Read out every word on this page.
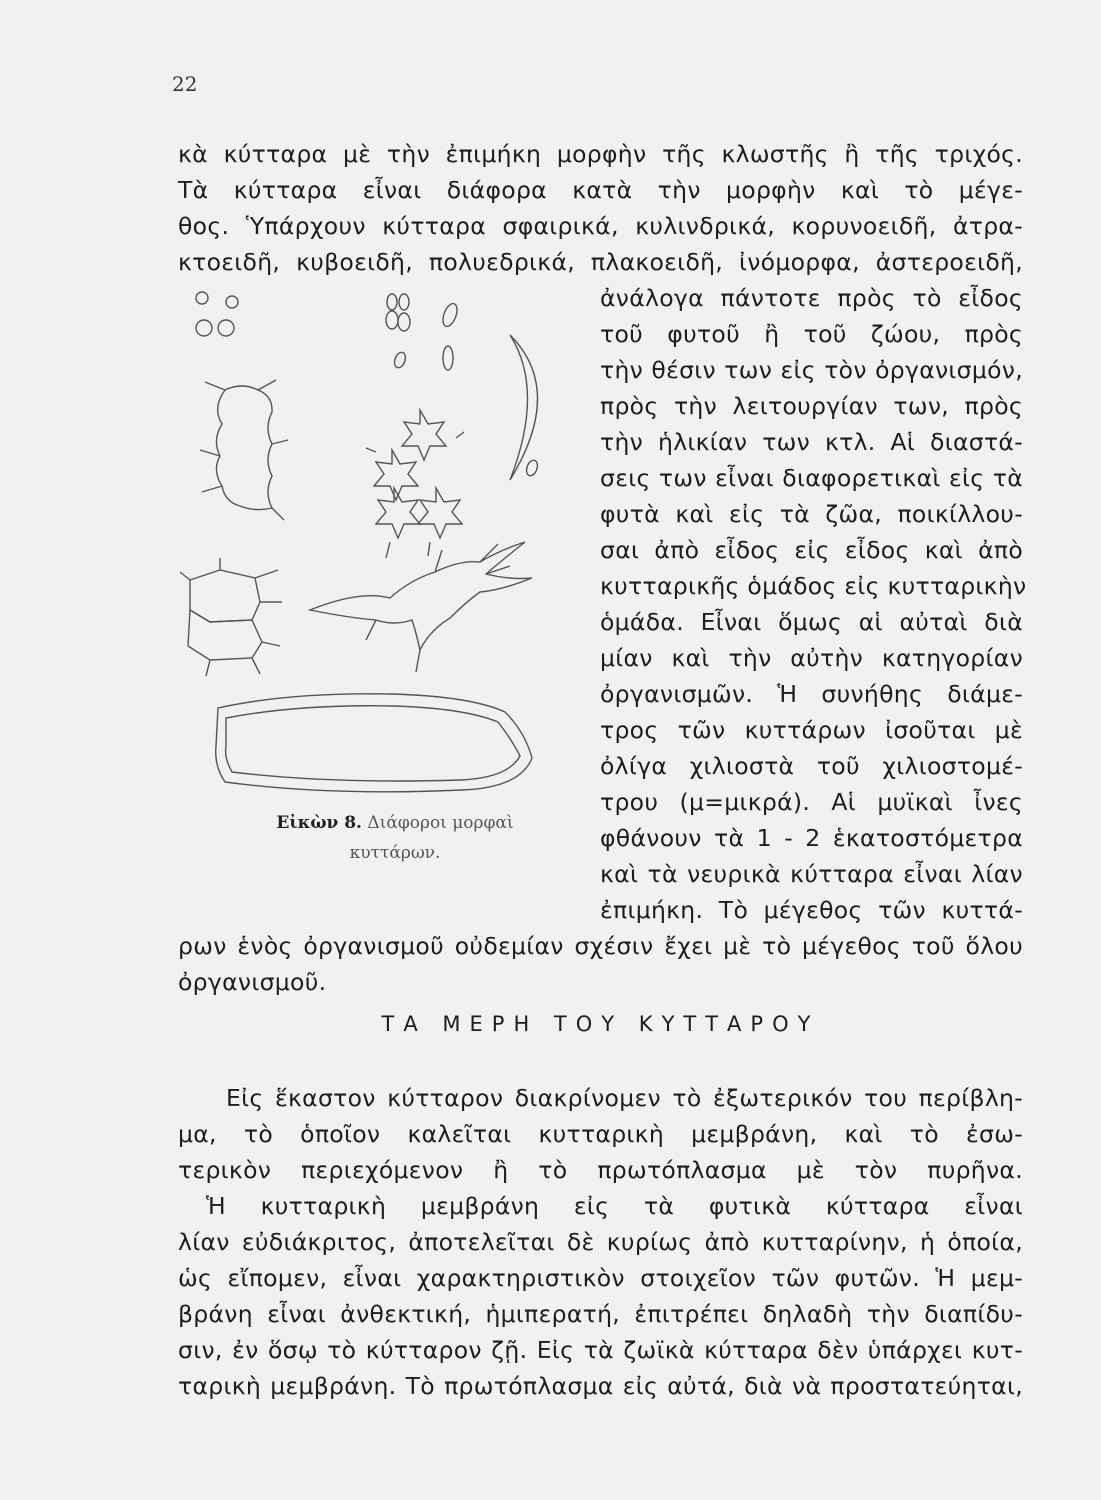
22
κὰ κύτταρα μὲ τὴν ἐπιμήκη μορφὴν τῆς κλωστῆς ἢ τῆς τριχός.
Τὰ κύτταρα εἶναι διάφορα κατὰ τὴν μορφὴν καὶ τὸ μέγε-
θος. Ὑπάρχουν κύτταρα σφαιρικά, κυλινδρικά, κορυνοειδῆ, ἀτρα-
κτοειδῆ, κυβοειδῆ, πολυεδρικά, πλακοειδῆ, ἰνόμορφα, ἀστεροειδῆ,
ἀνάλογα πάντοτε πρὸς τὸ εἶδος
τοῦ φυτοῦ ἢ τοῦ ζώου, πρὸς
τὴν θέσιν των εἰς τὸν ὀργανισμόν,
πρὸς τὴν λειτουργίαν των, πρὸς
τὴν ἡλικίαν των κτλ. Αἱ διαστά-
σεις των εἶναι διαφορετικαὶ εἰς τὰ
φυτὰ καὶ εἰς τὰ ζῶα, ποικίλλου-
σαι ἀπὸ εἶδος εἰς εἶδος καὶ ἀπὸ
κυτταρικῆς ὁμάδος εἰς κυτταρικὴν
ὁμάδα. Εἶναι ὅμως αἱ αὐταὶ διὰ
μίαν καὶ τὴν αὐτὴν κατηγορίαν
ὀργανισμῶν. Ἡ συνήθης διάμε-
τρος τῶν κυττάρων ἰσοῦται μὲ
ὀλίγα χιλιοστὰ τοῦ χιλιοστομέ-
τρου (μ=μικρά). Αἱ μυϊκαὶ ἶνες
φθάνουν τὰ 1 - 2 ἑκατοστόμετρα
καὶ τὰ νευρικὰ κύτταρα εἶναι λίαν
ἐπιμήκη. Τὸ μέγεθος τῶν κυττά-
ρων ἑνὸς ὀργανισμοῦ οὐδεμίαν σχέσιν ἔχει μὲ τὸ μέγεθος τοῦ ὅλου
ὀργανισμοῦ.
Εἰκὼν 8. Διάφοροι μορφαὶ
κυττάρων.
ΤΑ ΜΕΡΗ ΤΟΥ ΚΥΤΤΑΡΟΥ
Εἰς ἕκαστον κύτταρον διακρίνομεν τὸ ἐξωτερικόν του περίβλη-
μα, τὸ ὁποῖον καλεῖται κυτταρικὴ μεμβράνη, καὶ τὸ ἐσω-
τερικὸν περιεχόμενον ἢ τὸ πρωτόπλασμα μὲ τὸν πυρῆνα.
Ἡ κυτταρικὴ μεμβράνη εἰς τὰ φυτικὰ κύτταρα εἶναι
λίαν εὐδιάκριτος, ἀποτελεῖται δὲ κυρίως ἀπὸ κυτταρίνην, ἡ ὁποία,
ὡς εἴπομεν, εἶναι χαρακτηριστικὸν στοιχεῖον τῶν φυτῶν. Ἡ μεμ-
βράνη εἶναι ἀνθεκτική, ἡμιπερατή, ἐπιτρέπει δηλαδὴ τὴν διαπίδυ-
σιν, ἐν ὅσῳ τὸ κύτταρον ζῇ. Εἰς τὰ ζωϊκὰ κύτταρα δὲν ὑπάρχει κυτ-
ταρικὴ μεμβράνη. Τὸ πρωτόπλασμα εἰς αὐτά, διὰ νὰ προστατεύηται,
